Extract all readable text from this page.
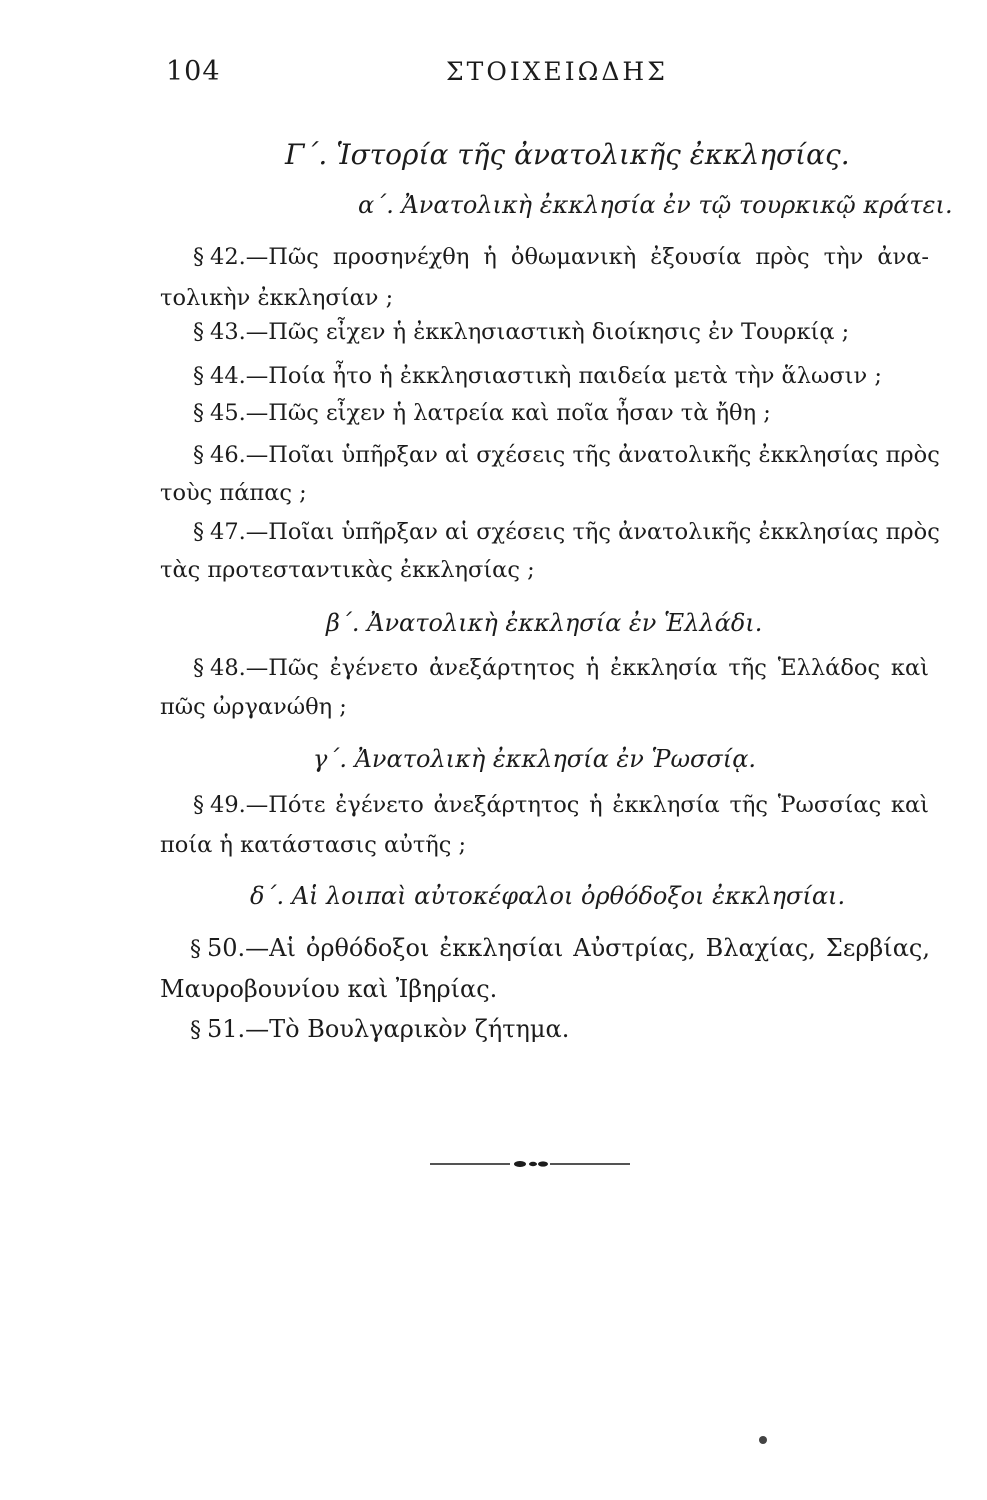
104	ΣΤΟΙΧΕΙΩΔΗΣ
Γ΄. Ἱστορία τῆς ἀνατολικῆς ἐκκλησίας.
α΄. Ἀνατολικὴ ἐκκλησία ἐν τῷ τουρκικῷ κράτει.
§ 42.—Πῶς προσηνέχθη ἡ ὀθωμανικὴ ἐξουσία πρὸς τὴν ἀνα-
τολικὴν ἐκκλησίαν ;
§ 43.—Πῶς εἶχεν ἡ ἐκκλησιαστικὴ διοίκησις ἐν Τουρκίᾳ ;
§ 44.—Ποία ἦτο ἡ ἐκκλησιαστικὴ παιδεία μετὰ τὴν ἅλωσιν ;
§ 45.—Πῶς εἶχεν ἡ λατρεία καὶ ποῖα ἦσαν τὰ ἤθη ;
§ 46.—Ποῖαι ὑπῆρξαν αἱ σχέσεις τῆς ἀνατολικῆς ἐκκλησίας πρὸς
τοὺς πάπας ;
§ 47.—Ποῖαι ὑπῆρξαν αἱ σχέσεις τῆς ἀνατολικῆς ἐκκλησίας πρὸς
τὰς προτεσταντικὰς ἐκκλησίας ;
β΄. Ἀνατολικὴ ἐκκλησία ἐν Ἑλλάδι.
§ 48.—Πῶς ἐγένετο ἀνεξάρτητος ἡ ἐκκλησία τῆς Ἑλλάδος καὶ
πῶς ὠργανώθη ;
γ΄. Ἀνατολικὴ ἐκκλησία ἐν Ῥωσσίᾳ.
§ 49.—Πότε ἐγένετο ἀνεξάρτητος ἡ ἐκκλησία τῆς Ῥωσσίας καὶ
ποία ἡ κατάστασις αὐτῆς ;
δ΄. Αἱ λοιπαὶ αὐτοκέφαλοι ὀρθόδοξοι ἐκκλησίαι.
§ 50.—Αἱ ὀρθόδοξοι ἐκκλησίαι Αὐστρίας, Βλαχίας, Σερβίας,
Μαυροβουνίου καὶ Ἰβηρίας.
§ 51.—Τὸ Βουλγαρικὸν ζήτημα.
